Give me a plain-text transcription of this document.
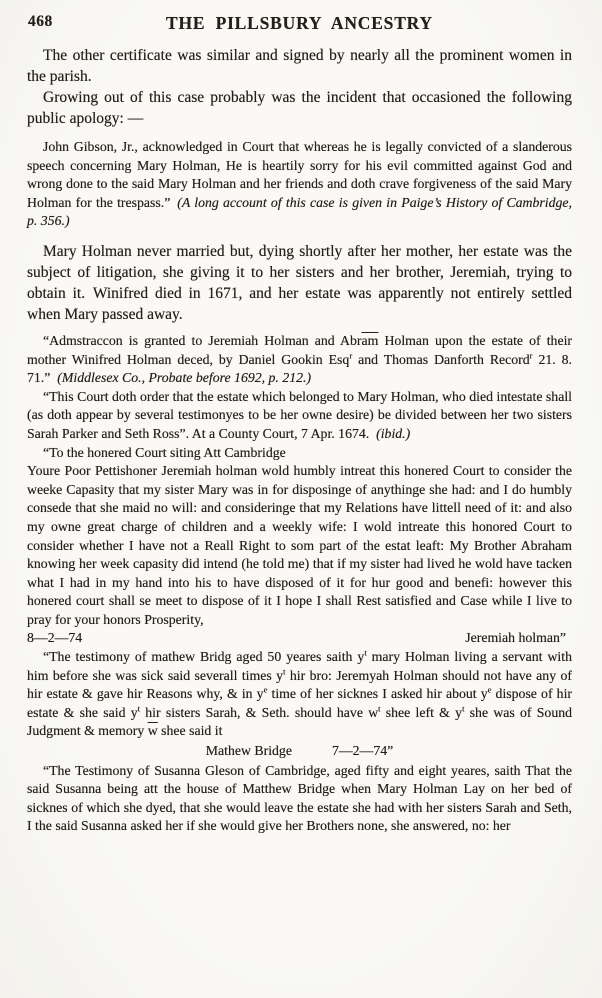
468	THE PILLSBURY ANCESTRY

The other certificate was similar and signed by nearly all the prominent women in the parish.

Growing out of this case probably was the incident that occasioned the following public apology: —

John Gibson, Jr., acknowledged in Court that whereas he is legally convicted of a slanderous speech concerning Mary Holman, He is heartily sorry for his evil committed against God and wrong done to the said Mary Holman and her friends and doth crave forgiveness of the said Mary Holman for the trespass.” (A long account of this case is given in Paige’s History of Cambridge, p. 356.)

Mary Holman never married but, dying shortly after her mother, her estate was the subject of litigation, she giving it to her sisters and her brother, Jeremiah, trying to obtain it. Winifred died in 1671, and her estate was apparently not entirely settled when Mary passed away.

“Admstraccon is granted to Jeremiah Holman and $Abr\overline{am}$ Holman upon the estate of their mother Winifred Holman deced, by Daniel Gookin Esq$^r$ and Thomas Danforth Record$^r$ 21. 8. 71.” (Middlesex Co., Probate before 1692, p. 212.)

“This Court doth order that the estate which belonged to Mary Holman, who died intestate shall (as doth appear by several testimonyes to be her owne desire) be divided between her two sisters Sarah Parker and Seth Ross”. At a County Court, 7 Apr. 1674. (ibid.)

“To the honered Court siting Att Cambridge

Youre Poor Pettishoner Jeremiah holman wold humbly intreat this honered Court to consider the weeke Capasity that my sister Mary was in for disposinge of anythinge she had: and I do humbly consede that she maid no will: and consideringe that my Relations have littell need of it: and also my owne great charge of children and a weekly wife: I wold intreate this honored Court to consider whether I have not a Reall Right to som part of the estat leaft: My Brother Abraham knowing her week capasity did intend (he told me) that if my sister had lived he wold have tacken what I had in my hand into his to have disposed of it for hur good and benefi: however this honered court shall se meet to dispose of it I hope I shall Rest satisfied and Case while I live to pray for your honors Prosperity,

8—2—74	Jeremiah holman”

“The testimony of mathew Bridg aged 50 yeares saith $y^t$ mary Holman living a servant with him before she was sick said severall times $y^t$ hir bro: Jeremyah Holman should not have any of hir estate & gave hir Reasons why, & in $y^e$ time of her sicknes I asked hir about $y^e$ dispose of hir estate & she said $y^t$ hir sisters Sarah, & Seth. should have $w^t$ shee left & $y^t$ she was of Sound Judgment & memory $\overline{w}$ shee said it

Mathew Bridge	7—2—74”

“The Testimony of Susanna Gleson of Cambridge, aged fifty and eight yeares, saith That the said Susanna being att the house of Matthew Bridge when Mary Holman Lay on her bed of sicknes of which she dyed, that she would leave the estate she had with her sisters Sarah and Seth, I the said Susanna asked her if she would give her Brothers none, she answered, no: her
